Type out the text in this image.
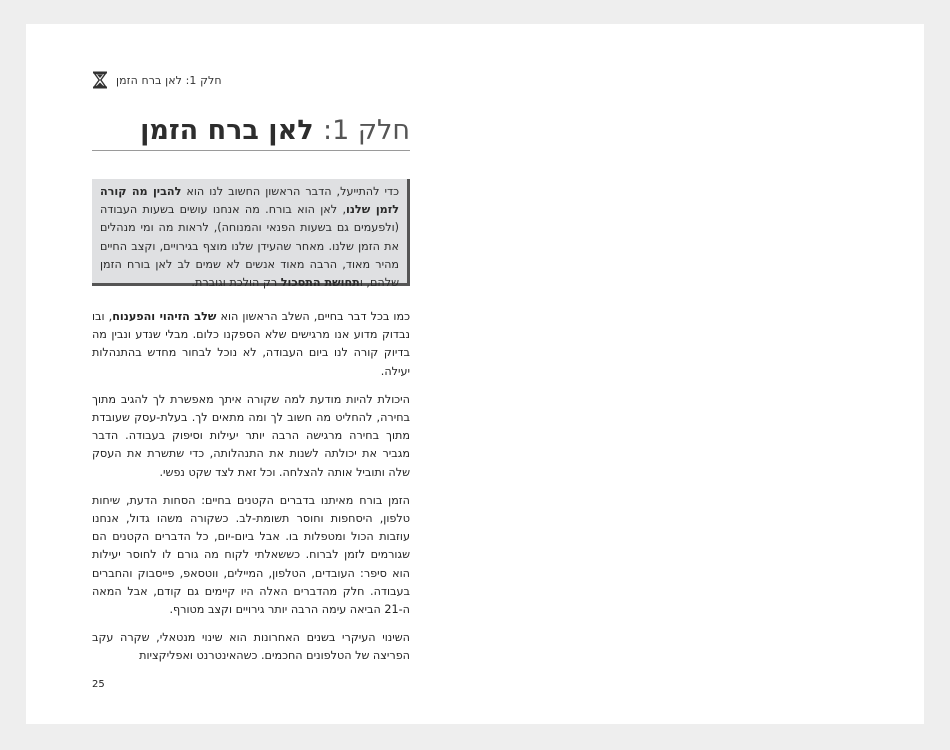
חלק 1: לאן ברח הזמן
חלק 1: לאן ברח הזמן

כדי להתייעל, הדבר הראשון החשוב לנו הוא להבין מה קורה לזמן שלנו, לאן הוא בורח. מה אנחנו עושים בשעות העבודה (ולפעמים גם בשעות הפנאי והמנוחה), לראות מה ומי מנהלים את הזמן שלנו. מאחר שהעידן שלנו מוצף בגירויים, וקצב החיים מהיר מאוד, הרבה מאוד אנשים לא שמים לב לאן בורח הזמן שלהם, ותחושת התסכול רק הולכת וגוברת.

כמו בכל דבר בחיים, השלב הראשון הוא שלב הזיהוי והפענוח, ובו נבדוק מדוע אנו מרגישים שלא הספקנו כלום. מבלי שנדע ונבין מה בדיוק קורה לנו ביום העבודה, לא נוכל לבחור מחדש בהתנהלות יעילה.

היכולת להיות מודעת למה שקורה איתך מאפשרת לך להגיב מתוך בחירה, להחליט מה חשוב לך ומה מתאים לך. בעלת-עסק שעובדת מתוך בחירה מרגישה הרבה יותר יעילות וסיפוק בעבודה. הדבר מגביר את יכולתה לשנות את התנהלותה, כדי שתשרת את העסק שלה ותוביל אותה להצלחה. וכל זאת לצד שקט נפשי.

הזמן בורח מאיתנו בדברים הקטנים בחיים: הסחות הדעת, שיחות טלפון, היסחפות וחוסר תשומת-לב. כשקורה משהו גדול, אנחנו עוזבות הכול ומטפלות בו. אבל ביום-יום, כל הדברים הקטנים הם שגורמים לזמן לברוח. כששאלתי לקוח מה גורם לו לחוסר יעילות הוא סיפר: העובדים, הטלפון, המיילים, ווטסאפ, פייסבוק והחברים בעבודה. חלק מהדברים האלה היו קיימים גם קודם, אבל המאה ה-21 הביאה עימה הרבה יותר גירויים וקצב מטורף.

השינוי העיקרי בשנים האחרונות הוא שינוי מנטאלי, שקרה עקב הפריצה של הטלפונים החכמים. כשהאינטרנט ואפליקציות

25
